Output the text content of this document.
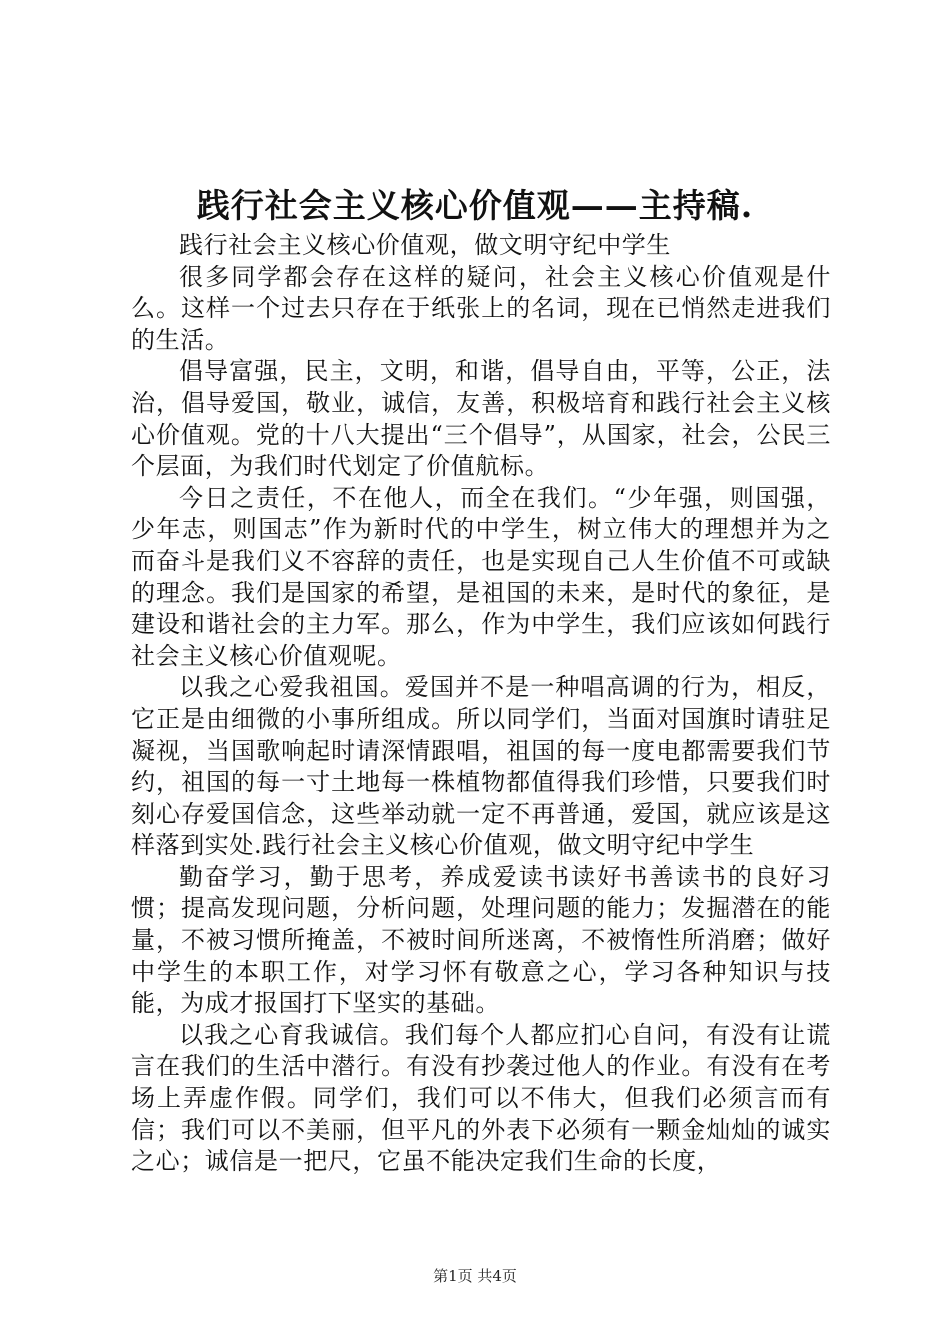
践行社会主义核心价值观——主持稿.

践行社会主义核心价值观，做文明守纪中学生

很多同学都会存在这样的疑问，社会主义核心价值观是什么。这样一个过去只存在于纸张上的名词，现在已悄然走进我们的生活。

倡导富强，民主，文明，和谐，倡导自由，平等，公正，法治，倡导爱国，敬业，诚信，友善，积极培育和践行社会主义核心价值观。党的十八大提出“三个倡导”，从国家，社会，公民三个层面，为我们时代划定了价值航标。

今日之责任，不在他人，而全在我们。“少年强，则国强，少年志，则国志”作为新时代的中学生，树立伟大的理想并为之而奋斗是我们义不容辞的责任，也是实现自己人生价值不可或缺的理念。我们是国家的希望，是祖国的未来，是时代的象征，是建设和谐社会的主力军。那么，作为中学生，我们应该如何践行社会主义核心价值观呢。

以我之心爱我祖国。爱国并不是一种唱高调的行为，相反，它正是由细微的小事所组成。所以同学们，当面对国旗时请驻足凝视，当国歌响起时请深情跟唱，祖国的每一度电都需要我们节约，祖国的每一寸土地每一株植物都值得我们珍惜，只要我们时刻心存爱国信念，这些举动就一定不再普通，爱国，就应该是这样落到实处.践行社会主义核心价值观，做文明守纪中学生

勤奋学习，勤于思考，养成爱读书读好书善读书的良好习惯；提高发现问题，分析问题，处理问题的能力；发掘潜在的能量，不被习惯所掩盖，不被时间所迷离，不被惰性所消磨；做好中学生的本职工作，对学习怀有敬意之心，学习各种知识与技能，为成才报国打下坚实的基础。

以我之心育我诚信。我们每个人都应扪心自问，有没有让谎言在我们的生活中潜行。有没有抄袭过他人的作业。有没有在考场上弄虚作假。同学们，我们可以不伟大，但我们必须言而有信；我们可以不美丽，但平凡的外表下必须有一颗金灿灿的诚实之心；诚信是一把尺，它虽不能决定我们生命的长度，

第1页 共4页
